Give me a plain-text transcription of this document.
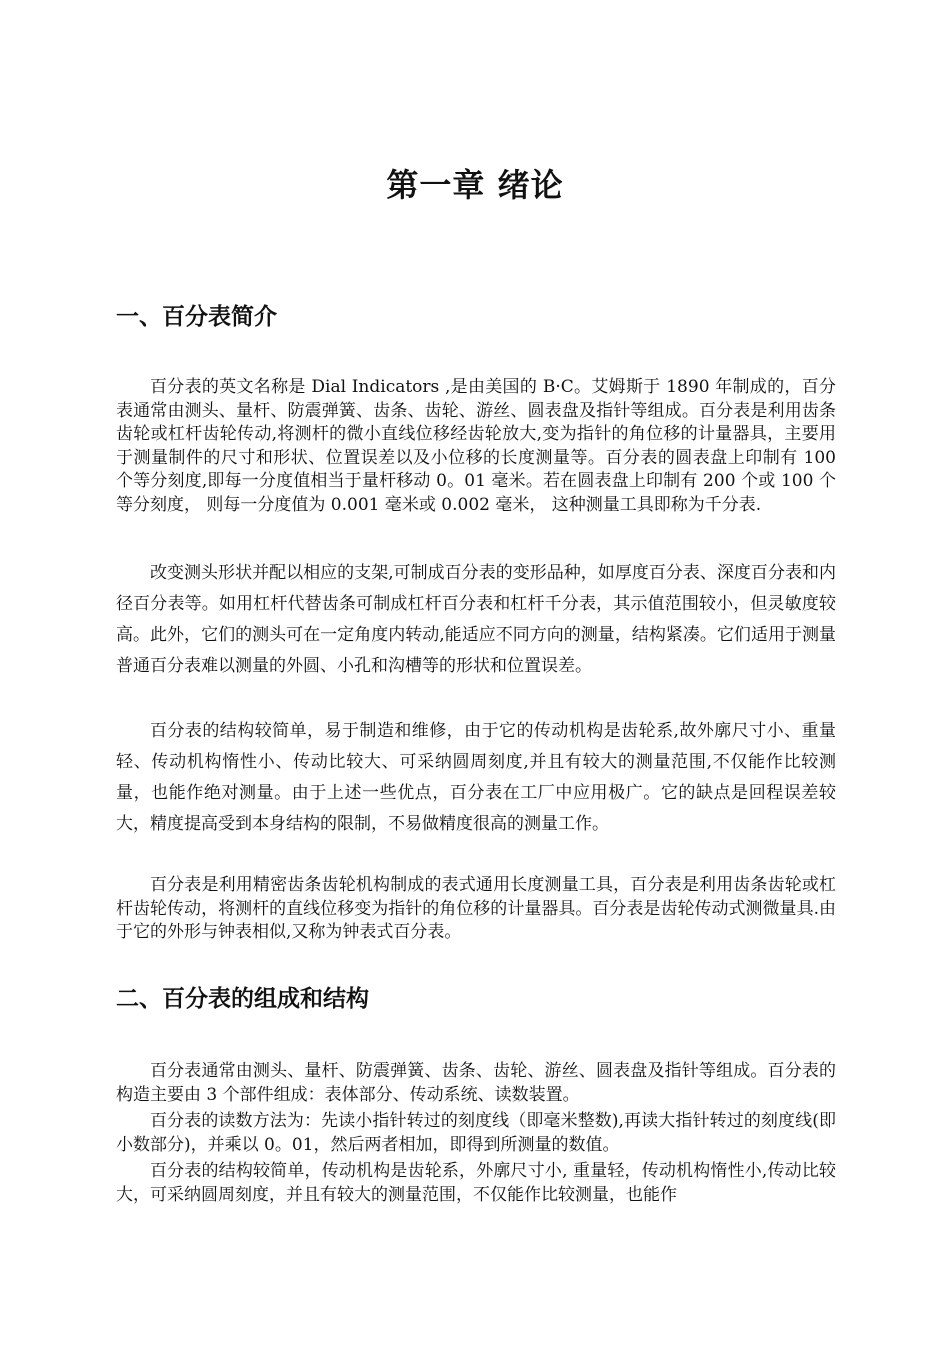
第一章 绪论
一、百分表简介

百分表的英文名称是 Dial Indicators ,是由美国的 B·C。艾姆斯于 1890 年制成的，百分表通常由测头、量杆、防震弹簧、齿条、齿轮、游丝、圆表盘及指针等组成。百分表是利用齿条齿轮或杠杆齿轮传动,将测杆的微小直线位移经齿轮放大,变为指针的角位移的计量器具，主要用于测量制件的尺寸和形状、位置误差以及小位移的长度测量等。百分表的圆表盘上印制有 100 个等分刻度,即每一分度值相当于量杆移动 0。01 毫米。若在圆表盘上印制有 200 个或 100 个等分刻度， 则每一分度值为 0.001 毫米或 0.002 毫米， 这种测量工具即称为千分表.

改变测头形状并配以相应的支架,可制成百分表的变形品种，如厚度百分表、深度百分表和内径百分表等。如用杠杆代替齿条可制成杠杆百分表和杠杆千分表，其示值范围较小，但灵敏度较高。此外，它们的测头可在一定角度内转动,能适应不同方向的测量，结构紧凑。它们适用于测量普通百分表难以测量的外圆、小孔和沟槽等的形状和位置误差。

百分表的结构较简单，易于制造和维修，由于它的传动机构是齿轮系,故外廓尺寸小、重量轻、传动机构惰性小、传动比较大、可采纳圆周刻度,并且有较大的测量范围,不仅能作比较测量，也能作绝对测量。由于上述一些优点，百分表在工厂中应用极广。它的缺点是回程误差较大，精度提高受到本身结构的限制，不易做精度很高的测量工作。

百分表是利用精密齿条齿轮机构制成的表式通用长度测量工具，百分表是利用齿条齿轮或杠杆齿轮传动，将测杆的直线位移变为指针的角位移的计量器具。百分表是齿轮传动式测微量具.由于它的外形与钟表相似,又称为钟表式百分表。

二、百分表的组成和结构

百分表通常由测头、量杆、防震弹簧、齿条、齿轮、游丝、圆表盘及指针等组成。百分表的构造主要由 3 个部件组成：表体部分、传动系统、读数装置。

百分表的读数方法为：先读小指针转过的刻度线（即毫米整数),再读大指针转过的刻度线(即小数部分)，并乘以 0。01，然后两者相加，即得到所测量的数值。

百分表的结构较简单，传动机构是齿轮系，外廓尺寸小, 重量轻，传动机构惰性小,传动比较大，可采纳圆周刻度，并且有较大的测量范围，不仅能作比较测量，也能作
